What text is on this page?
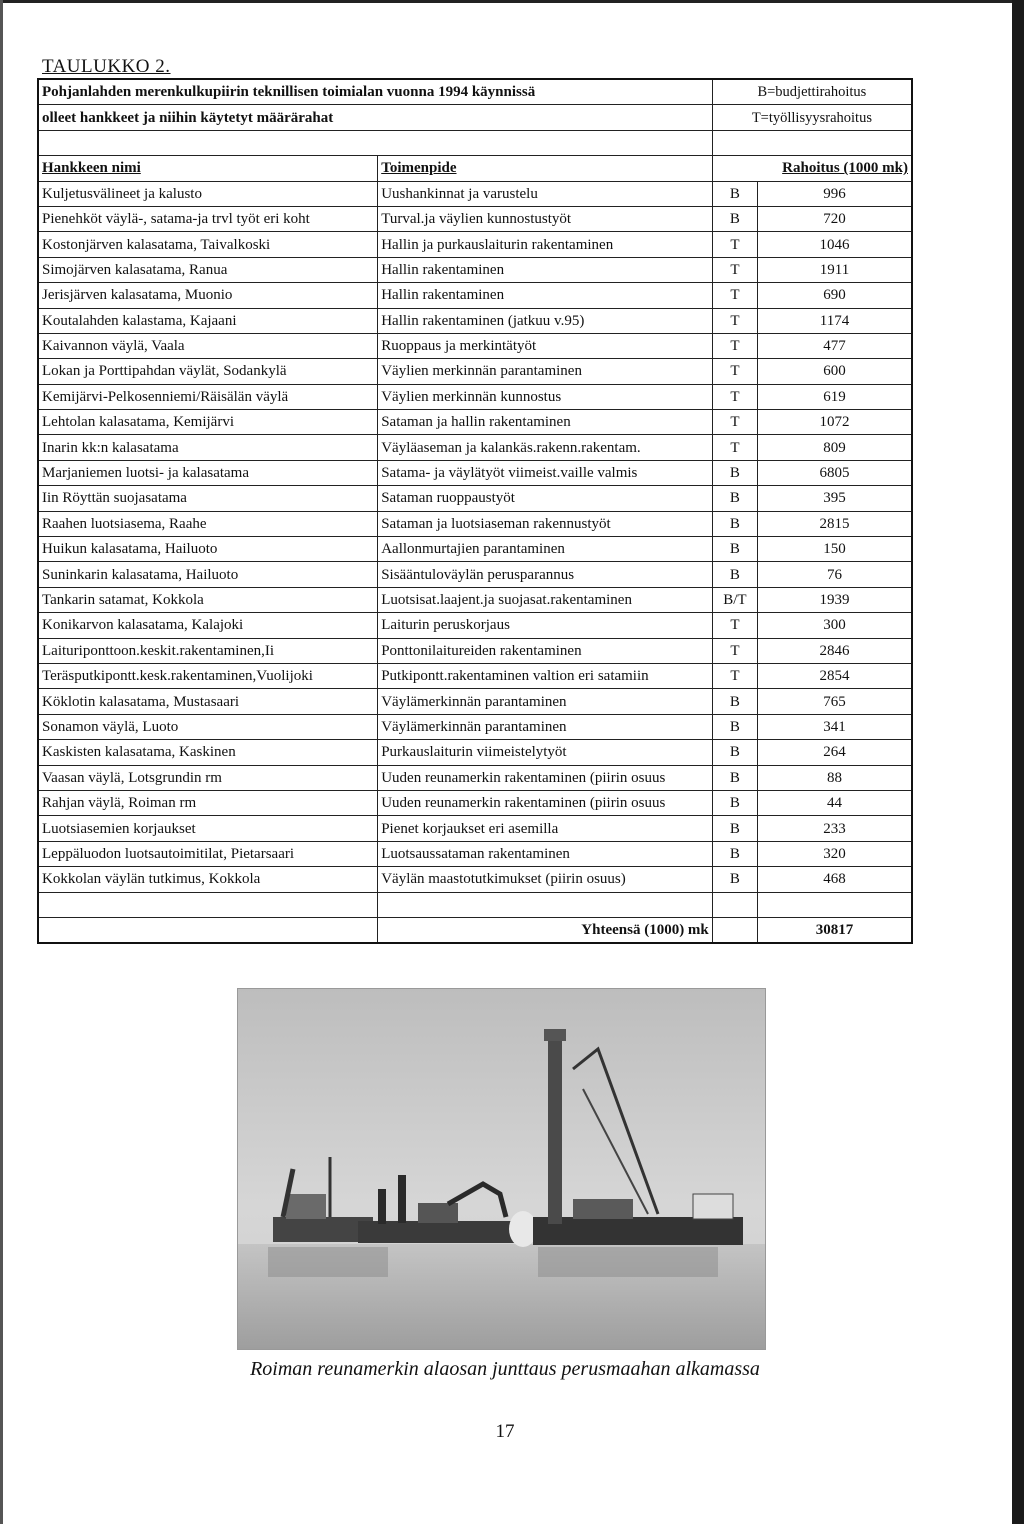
TAULUKKO 2.
Pohjanlahden merenkulkupiirin teknillisen toimialan vuonna 1994 käynnissä		B=budjettirahoitus	
olleet hankkeet ja niihin käytetyt määrärahat		T=työllisyysrahoitus	

Hankkeen nimi	Toimenpide	Rahoitus (1000 mk)	
Kuljetusvälineet ja kalusto	Uushankinnat ja varustelu	B	996
Pienehköt väylä-, satama-ja trvl työt eri koht	Turval.ja väylien kunnostustyöt	B	720
Kostonjärven kalasatama, Taivalkoski	Hallin ja purkauslaiturin rakentaminen	T	1046
Simojärven kalasatama, Ranua	Hallin rakentaminen	T	1911
Jerisjärven kalasatama, Muonio	Hallin rakentaminen	T	690
Koutalahden kalastama, Kajaani	Hallin rakentaminen (jatkuu v.95)	T	1174
Kaivannon väylä, Vaala	Ruoppaus ja merkintätyöt	T	477
Lokan ja Porttipahdan väylät, Sodankylä	Väylien merkinnän parantaminen	T	600
Kemijärvi-Pelkosenniemi/Räisälän väylä	Väylien merkinnän kunnostus	T	619
Lehtolan kalasatama, Kemijärvi	Sataman ja hallin rakentaminen	T	1072
Inarin kk:n kalasatama	Väyläaseman ja kalankäs.rakenn.rakentam.	T	809
Marjaniemen luotsi- ja kalasatama	Satama- ja väylätyöt viimeist.vaille valmis	B	6805
Iin Röyttän suojasatama	Sataman ruoppaustyöt	B	395
Raahen luotsiasema, Raahe	Sataman ja luotsiaseman rakennustyöt	B	2815
Huikun kalasatama, Hailuoto	Aallonmurtajien parantaminen	B	150
Suninkarin kalasatama, Hailuoto	Sisääntuloväylän perusparannus	B	76
Tankarin satamat, Kokkola	Luotsisat.laajent.ja suojasat.rakentaminen	B/T	1939
Konikarvon kalasatama, Kalajoki	Laiturin peruskorjaus	T	300
Laituriponttoon.keskit.rakentaminen,Ii	Ponttonilaitureiden rakentaminen	T	2846
Teräsputkipontt.kesk.rakentaminen,Vuolijoki	Putkipontt.rakentaminen valtion eri satamiin	T	2854
Köklotin kalasatama, Mustasaari	Väylämerkinnän parantaminen	B	765
Sonamon väylä, Luoto	Väylämerkinnän parantaminen	B	341
Kaskisten kalasatama, Kaskinen	Purkauslaiturin viimeistelytyöt	B	264
Vaasan väylä, Lotsgrundin rm	Uuden reunamerkin rakentaminen (piirin osuus	B	88
Rahjan väylä, Roiman rm	Uuden reunamerkin rakentaminen (piirin osuus	B	44
Luotsiasemien korjaukset	Pienet korjaukset eri asemilla	B	233
Leppäluodon luotsautoimitilat, Pietarsaari	Luotsaussataman rakentaminen	B	320
Kokkolan väylän tutkimus, Kokkola	Väylän maastotutkimukset (piirin osuus)	B	468

	Yhteensä (1000) mk		30817
Roiman reunamerkin alaosan junttaus perusmaahan alkamassa
17
